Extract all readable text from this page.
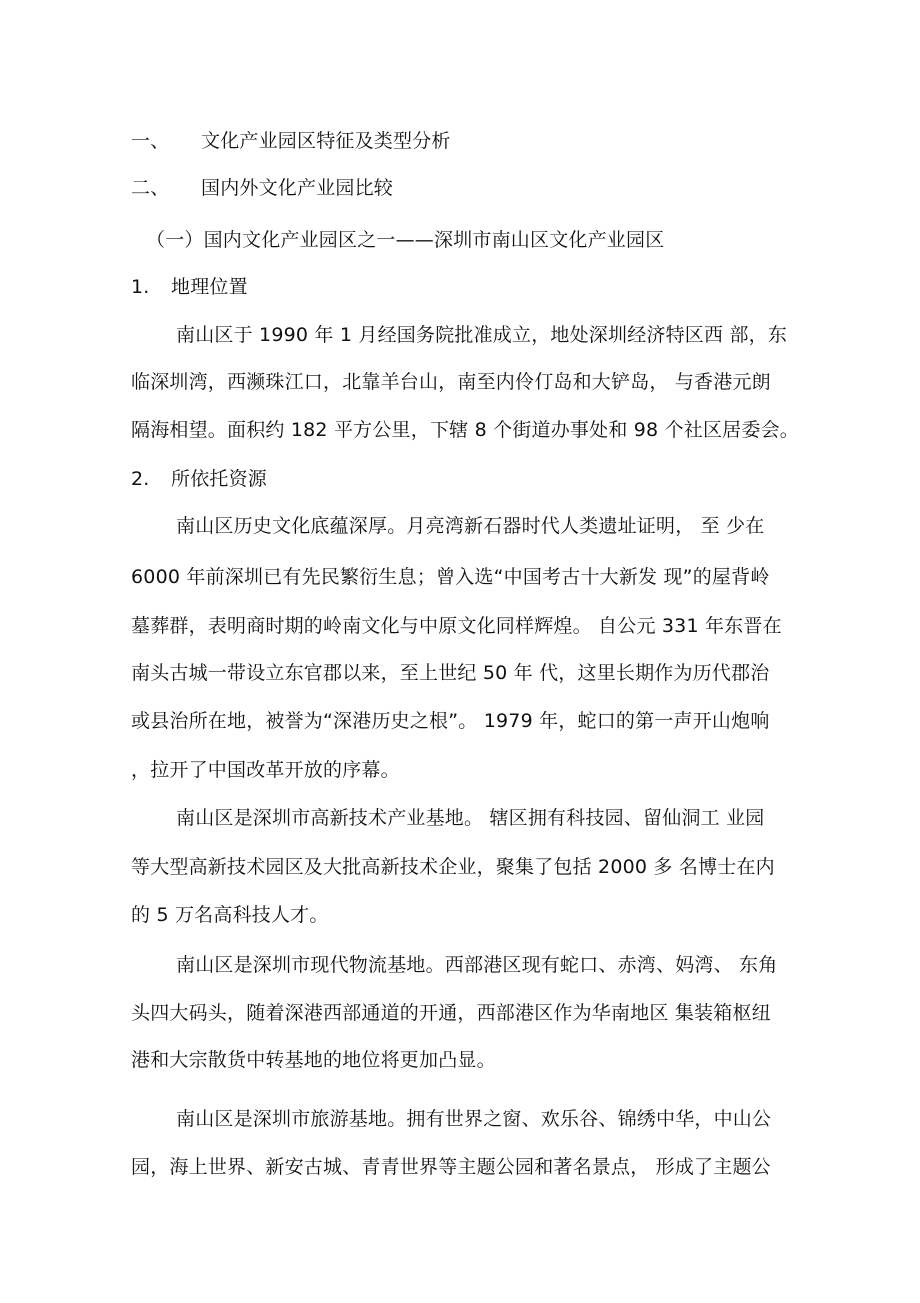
一、 文化产业园区特征及类型分析
二、 国内外文化产业园比较
（一）国内文化产业园区之一——深圳市南山区文化产业园区
1. 地理位置
南山区于 1990 年 1 月经国务院批准成立，地处深圳经济特区西 部，东
临深圳湾，西濒珠江口，北靠羊台山，南至内伶仃岛和大铲岛， 与香港元朗
隔海相望。面积约 182 平方公里，下辖 8 个街道办事处和 98 个社区居委会。
2. 所依托资源
南山区历史文化底蕴深厚。月亮湾新石器时代人类遗址证明， 至 少在
6000 年前深圳已有先民繁衍生息；曾入选“中国考古十大新发 现”的屋背岭
墓葬群，表明商时期的岭南文化与中原文化同样辉煌。 自公元 331 年东晋在
南头古城一带设立东官郡以来，至上世纪 50 年 代，这里长期作为历代郡治
或县治所在地，被誉为“深港历史之根”。 1979 年，蛇口的第一声开山炮响
，拉开了中国改革开放的序幕。
南山区是深圳市高新技术产业基地。 辖区拥有科技园、留仙洞工 业园
等大型高新技术园区及大批高新技术企业，聚集了包括 2000 多 名博士在内
的 5 万名高科技人才。
南山区是深圳市现代物流基地。西部港区现有蛇口、赤湾、妈湾、 东角
头四大码头，随着深港西部通道的开通，西部港区作为华南地区 集装箱枢纽
港和大宗散货中转基地的地位将更加凸显。
南山区是深圳市旅游基地。拥有世界之窗、欢乐谷、锦绣中华，中山公
园，海上世界、新安古城、青青世界等主题公园和著名景点， 形成了主题公
